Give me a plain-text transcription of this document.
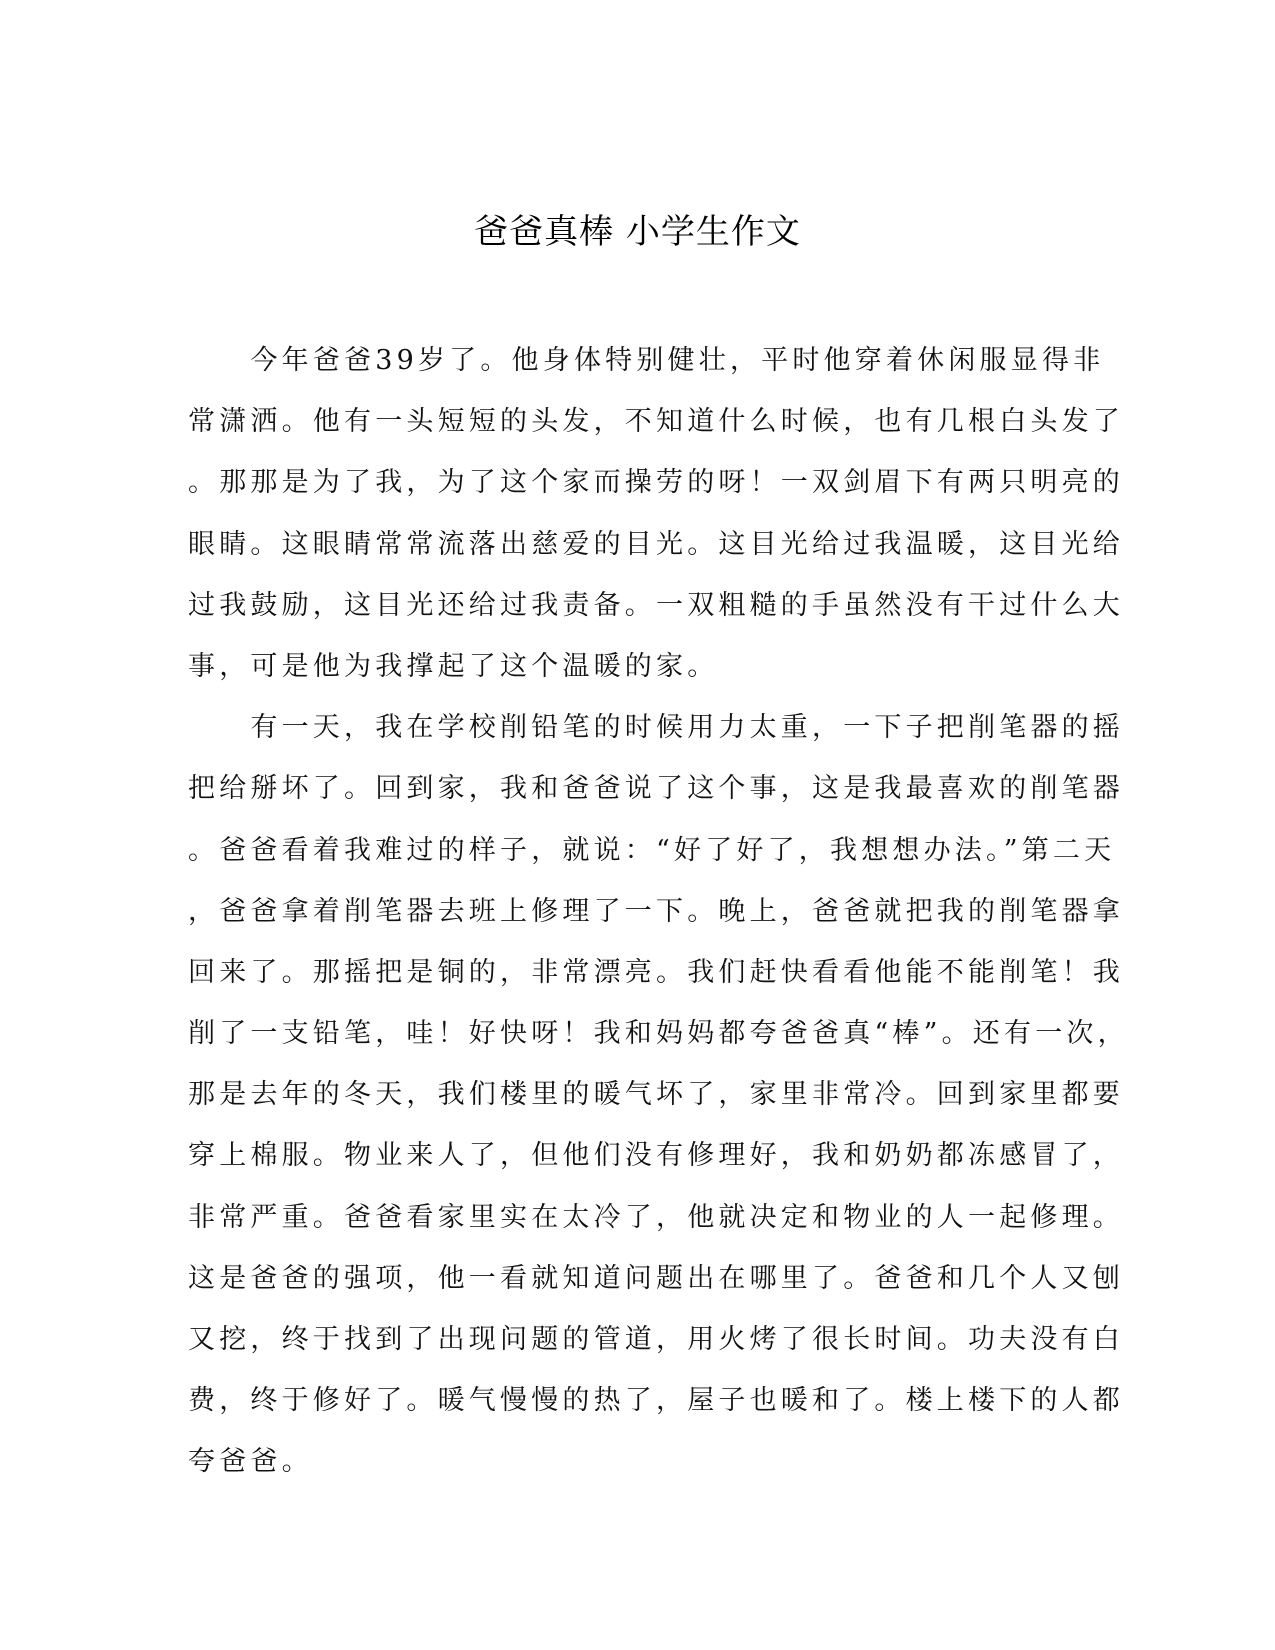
爸爸真棒 小学生作文
　　今年爸爸39岁了。他身体特别健壮，平时他穿着休闲服显得非
常潇洒。他有一头短短的头发，不知道什么时候，也有几根白头发了
。那那是为了我，为了这个家而操劳的呀！一双剑眉下有两只明亮的
眼睛。这眼睛常常流落出慈爱的目光。这目光给过我温暖，这目光给
过我鼓励，这目光还给过我责备。一双粗糙的手虽然没有干过什么大
事，可是他为我撑起了这个温暖的家。
　　有一天，我在学校削铅笔的时候用力太重，一下子把削笔器的摇
把给掰坏了。回到家，我和爸爸说了这个事，这是我最喜欢的削笔器
。爸爸看着我难过的样子，就说：“好了好了，我想想办法。”第二天
，爸爸拿着削笔器去班上修理了一下。晚上，爸爸就把我的削笔器拿
回来了。那摇把是铜的，非常漂亮。我们赶快看看他能不能削笔！我
削了一支铅笔，哇！好快呀！我和妈妈都夸爸爸真“棒”。还有一次，
那是去年的冬天，我们楼里的暖气坏了，家里非常冷。回到家里都要
穿上棉服。物业来人了，但他们没有修理好，我和奶奶都冻感冒了，
非常严重。爸爸看家里实在太冷了，他就决定和物业的人一起修理。
这是爸爸的强项，他一看就知道问题出在哪里了。爸爸和几个人又刨
又挖，终于找到了出现问题的管道，用火烤了很长时间。功夫没有白
费，终于修好了。暖气慢慢的热了，屋子也暖和了。楼上楼下的人都
夸爸爸。
